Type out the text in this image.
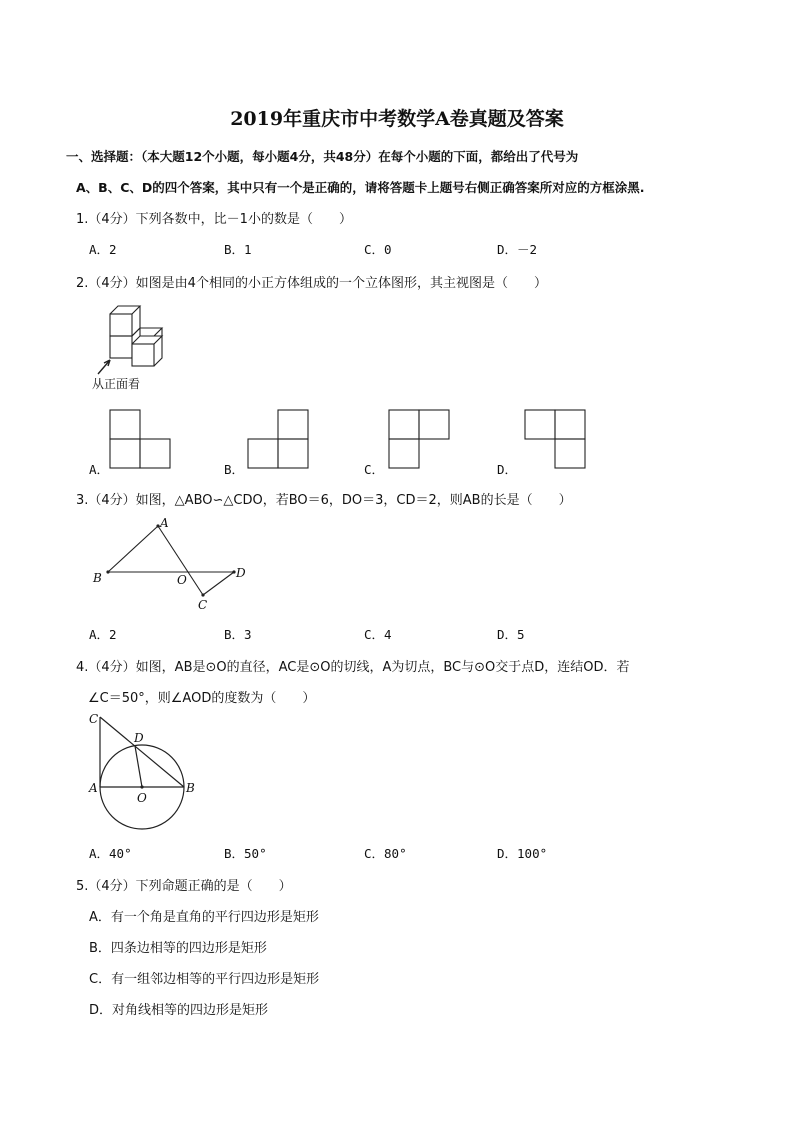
2019年重庆市中考数学A卷真题及答案
一、选择题：（本大题12个小题，每小题4分，共48分）在每个小题的下面，都给出了代号为
A、B、C、D的四个答案，其中只有一个是正确的，请将答题卡上题号右侧正确答案所对应的方框涂黑.
1.（4分）下列各数中，比－1小的数是（　　）
A．2	B．1	C．0	D．－2
2.（4分）如图是由4个相同的小正方体组成的一个立体图形，其主视图是（　　）
从正面看
A．	B．	C．	D．
3.（4分）如图，△ABO∽△CDO，若BO＝6，DO＝3，CD＝2，则AB的长是（　　）
A
B	O	D
C
A．2	B．3	C．4	D．5
4.（4分）如图，AB是⊙O的直径，AC是⊙O的切线，A为切点，BC与⊙O交于点D，连结OD．若
∠C＝50°，则∠AOD的度数为（　　）
C
D
A
O
B
A．40°	B．50°	C．80°	D．100°
5.（4分）下列命题正确的是（　　）
A．有一个角是直角的平行四边形是矩形
B．四条边相等的四边形是矩形
C．有一组邻边相等的平行四边形是矩形
D．对角线相等的四边形是矩形
